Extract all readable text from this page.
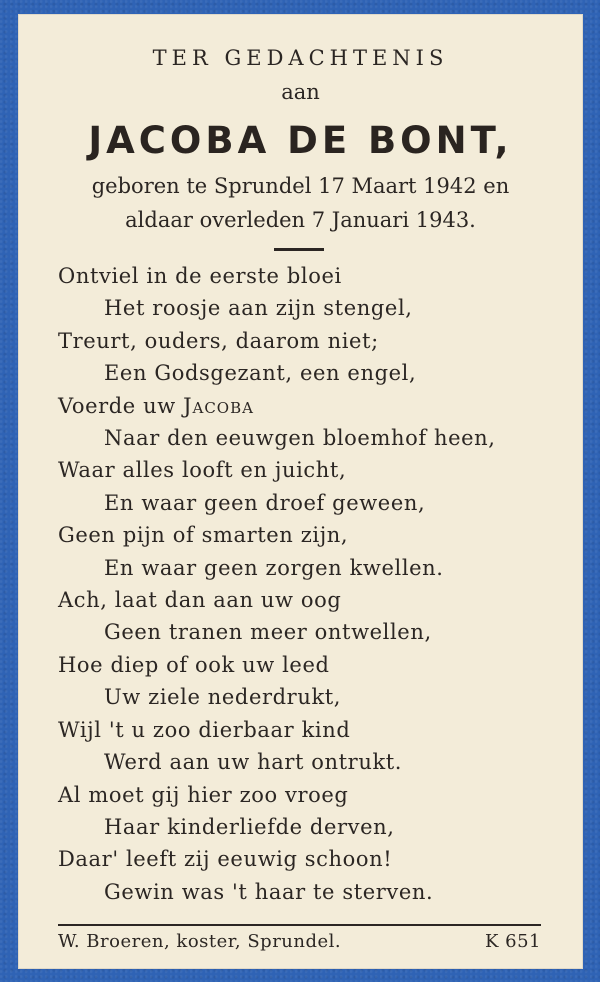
TER GEDACHTENIS
aan
JACOBA DE BONT,
geboren te Sprundel 17 Maart 1942 en
aldaar overleden 7 Januari 1943.
Ontviel in de eerste bloei
Het roosje aan zijn stengel,
Treurt, ouders, daarom niet;
Een Godsgezant, een engel,
Voerde uw Jacoba
Naar den eeuwgen bloemhof heen,
Waar alles looft en juicht,
En waar geen droef geween,
Geen pijn of smarten zijn,
En waar geen zorgen kwellen.
Ach, laat dan aan uw oog
Geen tranen meer ontwellen,
Hoe diep of ook uw leed
Uw ziele nederdrukt,
Wijl 't u zoo dierbaar kind
Werd aan uw hart ontrukt.
Al moet gij hier zoo vroeg
Haar kinderliefde derven,
Daar' leeft zij eeuwig schoon!
Gewin was 't haar te sterven.
W. Broeren, koster, Sprundel.	K 651
